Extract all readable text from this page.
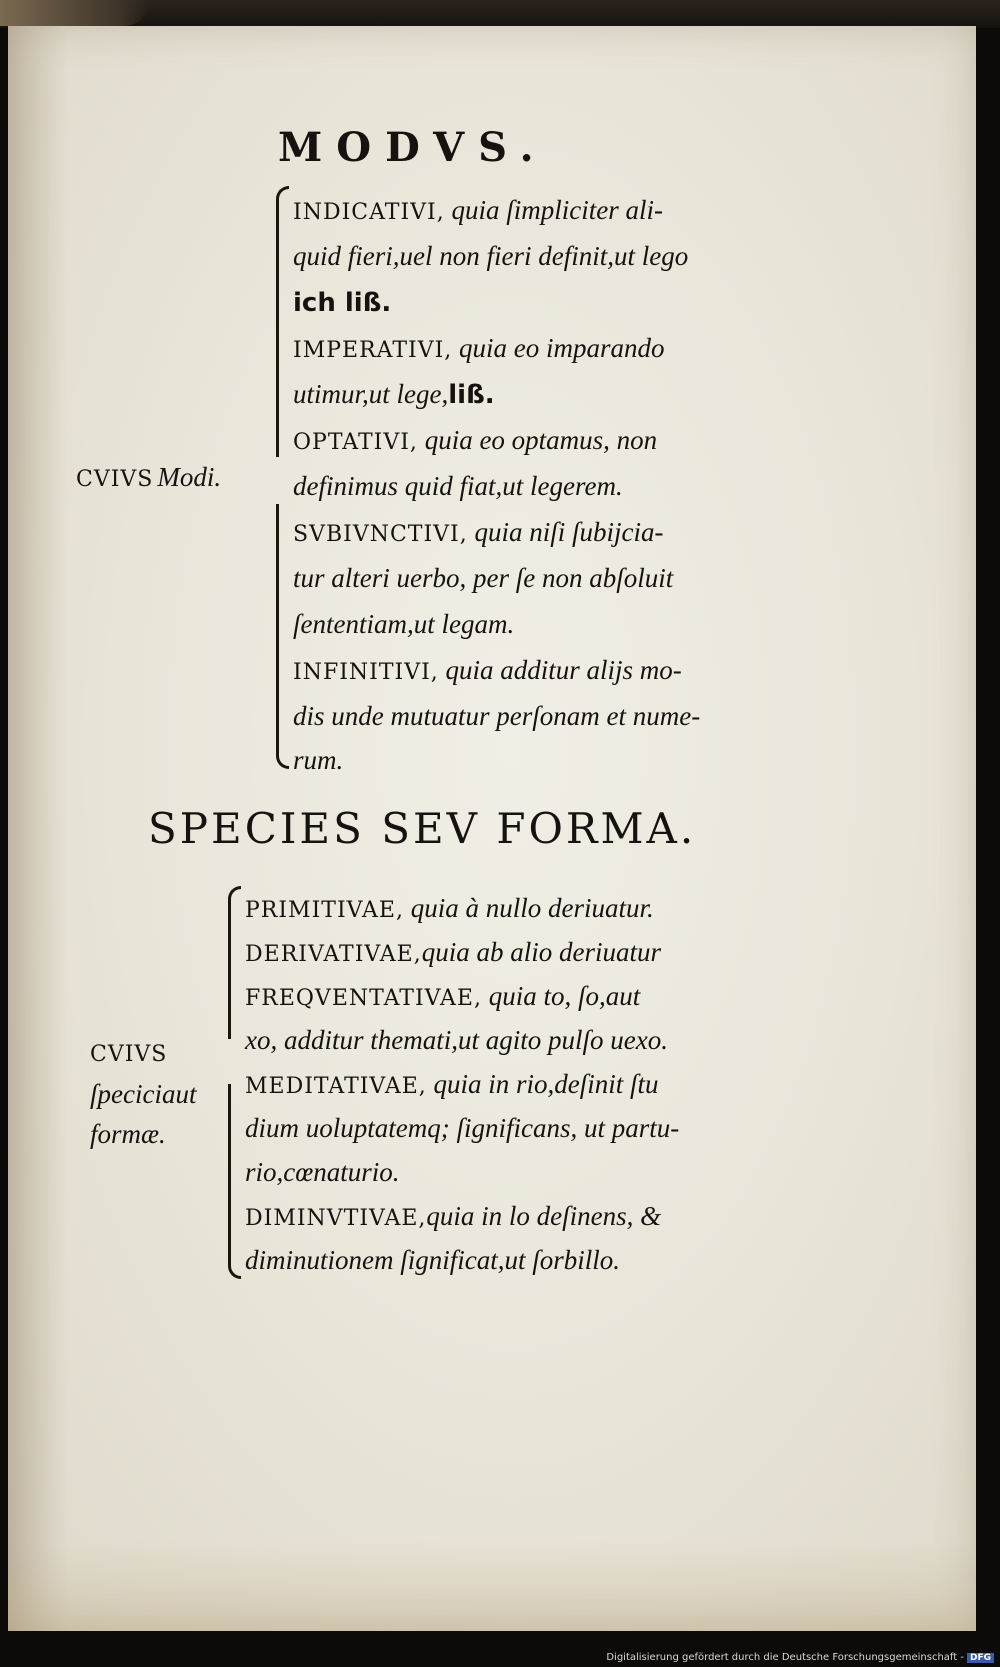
MODVS.
CVIVS Modi.
INDICATIVI, quia ſimpliciter ali-
quid fieri,uel non fieri definit,ut lego
ich liß.
IMPERATIVI, quia eo imparando
utimur,ut lege,liß.
OPTATIVI, quia eo optamus, non
definimus quid fiat,ut legerem.
SVBIVNCTIVI, quia niſi ſubijcia-
tur alteri uerbo, per ſe non abſoluit
ſententiam,ut legam.
INFINITIVI, quia additur alijs mo-
dis unde mutuatur perſonam et nume-
rum.
SPECIES SEV FORMA.
CVIVS
ſpeciciaut
formæ.
PRIMITIVAE, quia à nullo deriuatur.
DERIVATIVAE,quia ab alio deriuatur
FREQVENTATIVAE, quia to, ſo,aut
xo, additur themati,ut agito pulſo uexo.
MEDITATIVAE, quia in rio,deſinit ſtu
dium uoluptatemq; ſignificans, ut partu-
rio,cœnaturio.
DIMINVTIVAE,quia in lo deſinens, &
diminutionem ſignificat,ut ſorbillo.
Digitalisierung gefördert durch die Deutsche Forschungsgemeinschaft - DFG
